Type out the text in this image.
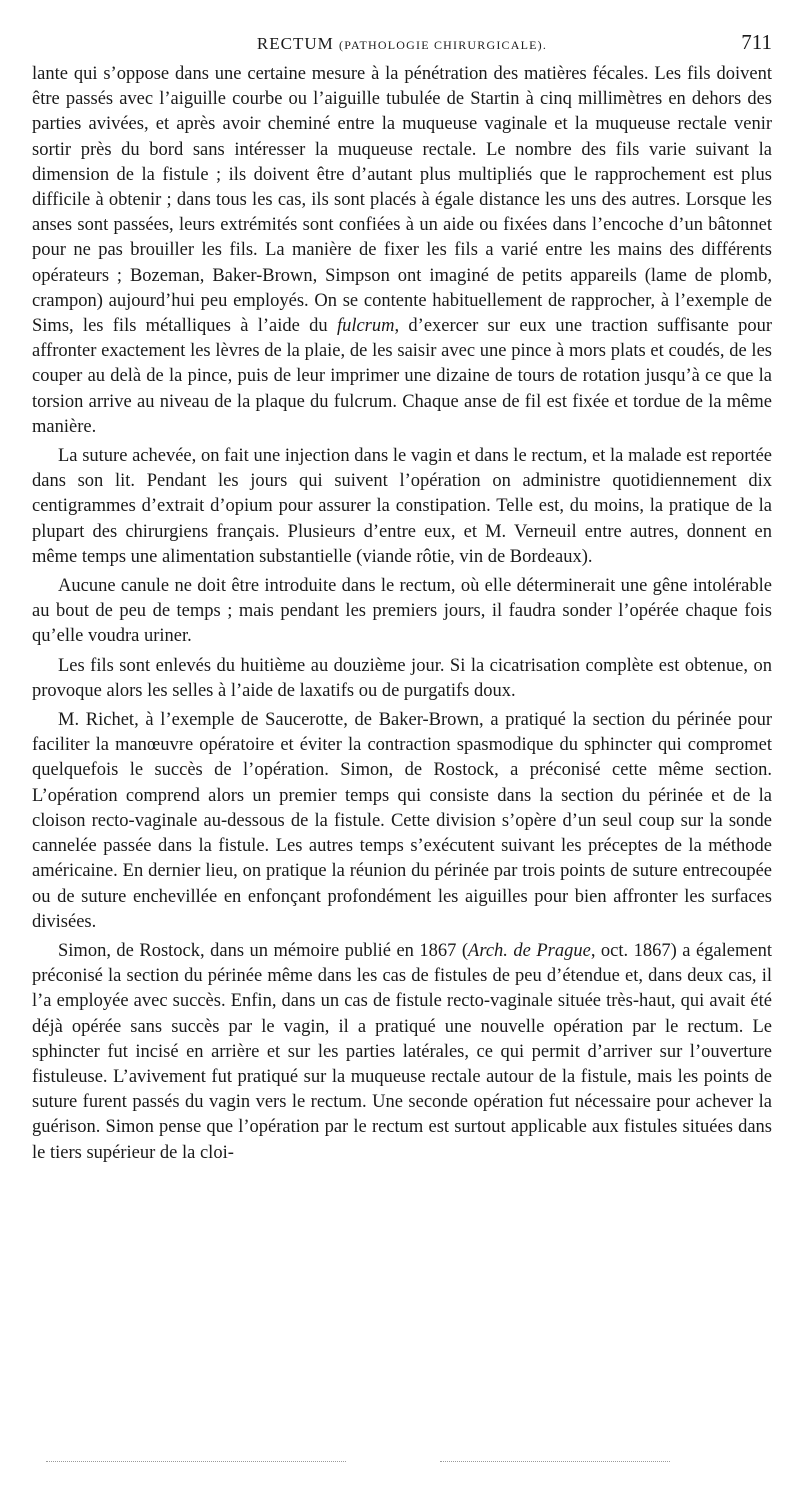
RECTUM (PATHOLOGIE CHIRURGICALE).	711

lante qui s’oppose dans une certaine mesure à la pénétration des matières fécales. Les fils doivent être passés avec l’aiguille courbe ou l’aiguille tubulée de Startin à cinq millimètres en dehors des parties avivées, et après avoir cheminé entre la muqueuse vaginale et la muqueuse rectale venir sortir près du bord sans intéresser la muqueuse rectale. Le nombre des fils varie suivant la dimension de la fistule ; ils doivent être d’autant plus multipliés que le rapprochement est plus difficile à obtenir ; dans tous les cas, ils sont placés à égale distance les uns des autres. Lorsque les anses sont passées, leurs extrémités sont confiées à un aide ou fixées dans l’encoche d’un bâtonnet pour ne pas brouiller les fils. La manière de fixer les fils a varié entre les mains des différents opérateurs ; Bozeman, Baker-Brown, Simpson ont imaginé de petits appareils (lame de plomb, crampon) aujourd’hui peu employés. On se contente habituellement de rapprocher, à l’exemple de Sims, les fils métalliques à l’aide du fulcrum, d’exercer sur eux une traction suffisante pour affronter exactement les lèvres de la plaie, de les saisir avec une pince à mors plats et coudés, de les couper au delà de la pince, puis de leur imprimer une dizaine de tours de rotation jusqu’à ce que la torsion arrive au niveau de la plaque du fulcrum. Chaque anse de fil est fixée et tordue de la même manière.

La suture achevée, on fait une injection dans le vagin et dans le rectum, et la malade est reportée dans son lit. Pendant les jours qui suivent l’opération on administre quotidiennement dix centigrammes d’extrait d’opium pour assurer la constipation. Telle est, du moins, la pratique de la plupart des chirurgiens français. Plusieurs d’entre eux, et M. Verneuil entre autres, donnent en même temps une alimentation substantielle (viande rôtie, vin de Bordeaux).

Aucune canule ne doit être introduite dans le rectum, où elle déterminerait une gêne intolérable au bout de peu de temps ; mais pendant les premiers jours, il faudra sonder l’opérée chaque fois qu’elle voudra uriner.

Les fils sont enlevés du huitième au douzième jour. Si la cicatrisation complète est obtenue, on provoque alors les selles à l’aide de laxatifs ou de purgatifs doux.

M. Richet, à l’exemple de Saucerotte, de Baker-Brown, a pratiqué la section du périnée pour faciliter la manœuvre opératoire et éviter la contraction spasmodique du sphincter qui compromet quelquefois le succès de l’opération. Simon, de Rostock, a préconisé cette même section. L’opération comprend alors un premier temps qui consiste dans la section du périnée et de la cloison recto-vaginale au-dessous de la fistule. Cette division s’opère d’un seul coup sur la sonde cannelée passée dans la fistule. Les autres temps s’exécutent suivant les préceptes de la méthode américaine. En dernier lieu, on pratique la réunion du périnée par trois points de suture entrecoupée ou de suture enchevillée en enfonçant profondément les aiguilles pour bien affronter les surfaces divisées.

Simon, de Rostock, dans un mémoire publié en 1867 (Arch. de Prague, oct. 1867) a également préconisé la section du périnée même dans les cas de fistules de peu d’étendue et, dans deux cas, il l’a employée avec succès. Enfin, dans un cas de fistule recto-vaginale située très-haut, qui avait été déjà opérée sans succès par le vagin, il a pratiqué une nouvelle opération par le rectum. Le sphincter fut incisé en arrière et sur les parties latérales, ce qui permit d’arriver sur l’ouverture fistuleuse. L’avivement fut pratiqué sur la muqueuse rectale autour de la fistule, mais les points de suture furent passés du vagin vers le rectum. Une seconde opération fut nécessaire pour achever la guérison. Simon pense que l’opération par le rectum est surtout applicable aux fistules situées dans le tiers supérieur de la cloi-
